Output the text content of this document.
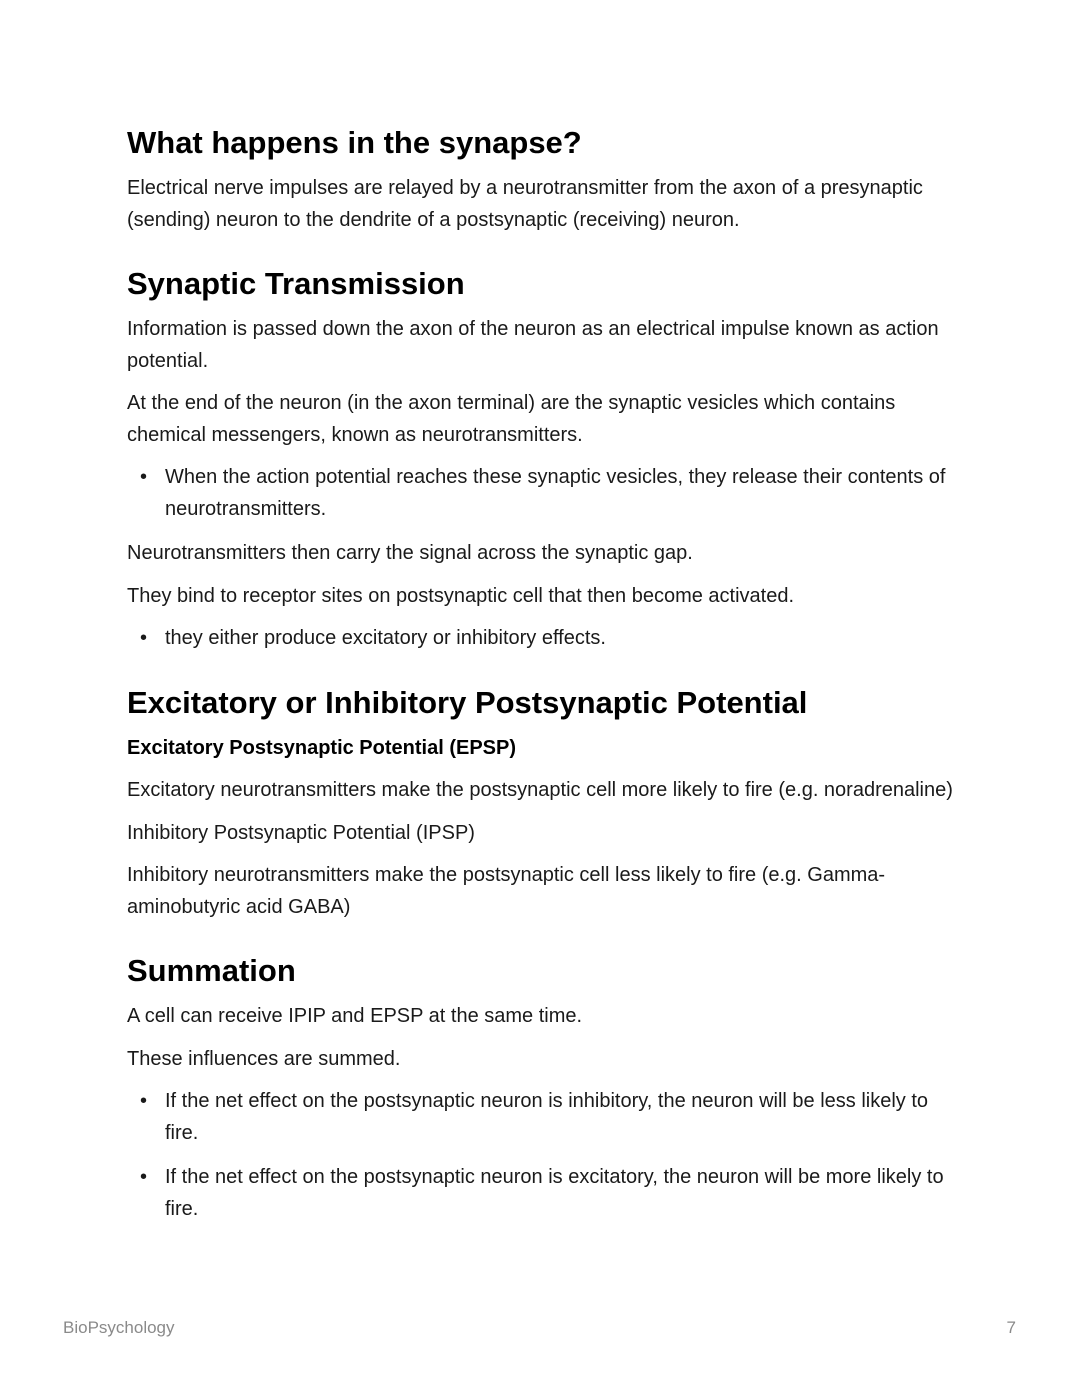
What happens in the synapse?

Electrical nerve impulses are relayed by a neurotransmitter from the axon of a presynaptic (sending) neuron to the dendrite of a postsynaptic (receiving) neuron.

Synaptic Transmission

Information is passed down the axon of the neuron as an electrical impulse known as action potential.

At the end of the neuron (in the axon terminal) are the synaptic vesicles which contains chemical messengers, known as neurotransmitters.

• When the action potential reaches these synaptic vesicles, they release their contents of neurotransmitters.

Neurotransmitters then carry the signal across the synaptic gap.

They bind to receptor sites on postsynaptic cell that then become activated.

• they either produce excitatory or inhibitory effects.
Excitatory or Inhibitory Postsynaptic Potential

Excitatory Postsynaptic Potential (EPSP)

Excitatory neurotransmitters make the postsynaptic cell more likely to fire (e.g. noradrenaline)

Inhibitory Postsynaptic Potential (IPSP)

Inhibitory neurotransmitters make the postsynaptic cell less likely to fire (e.g. Gamma-aminobutyric acid GABA)

Summation

A cell can receive IPIP and EPSP at the same time.

These influences are summed.

• If the net effect on the postsynaptic neuron is inhibitory, the neuron will be less likely to fire.
• If the net effect on the postsynaptic neuron is excitatory, the neuron will be more likely to fire.
BioPsychology	7
